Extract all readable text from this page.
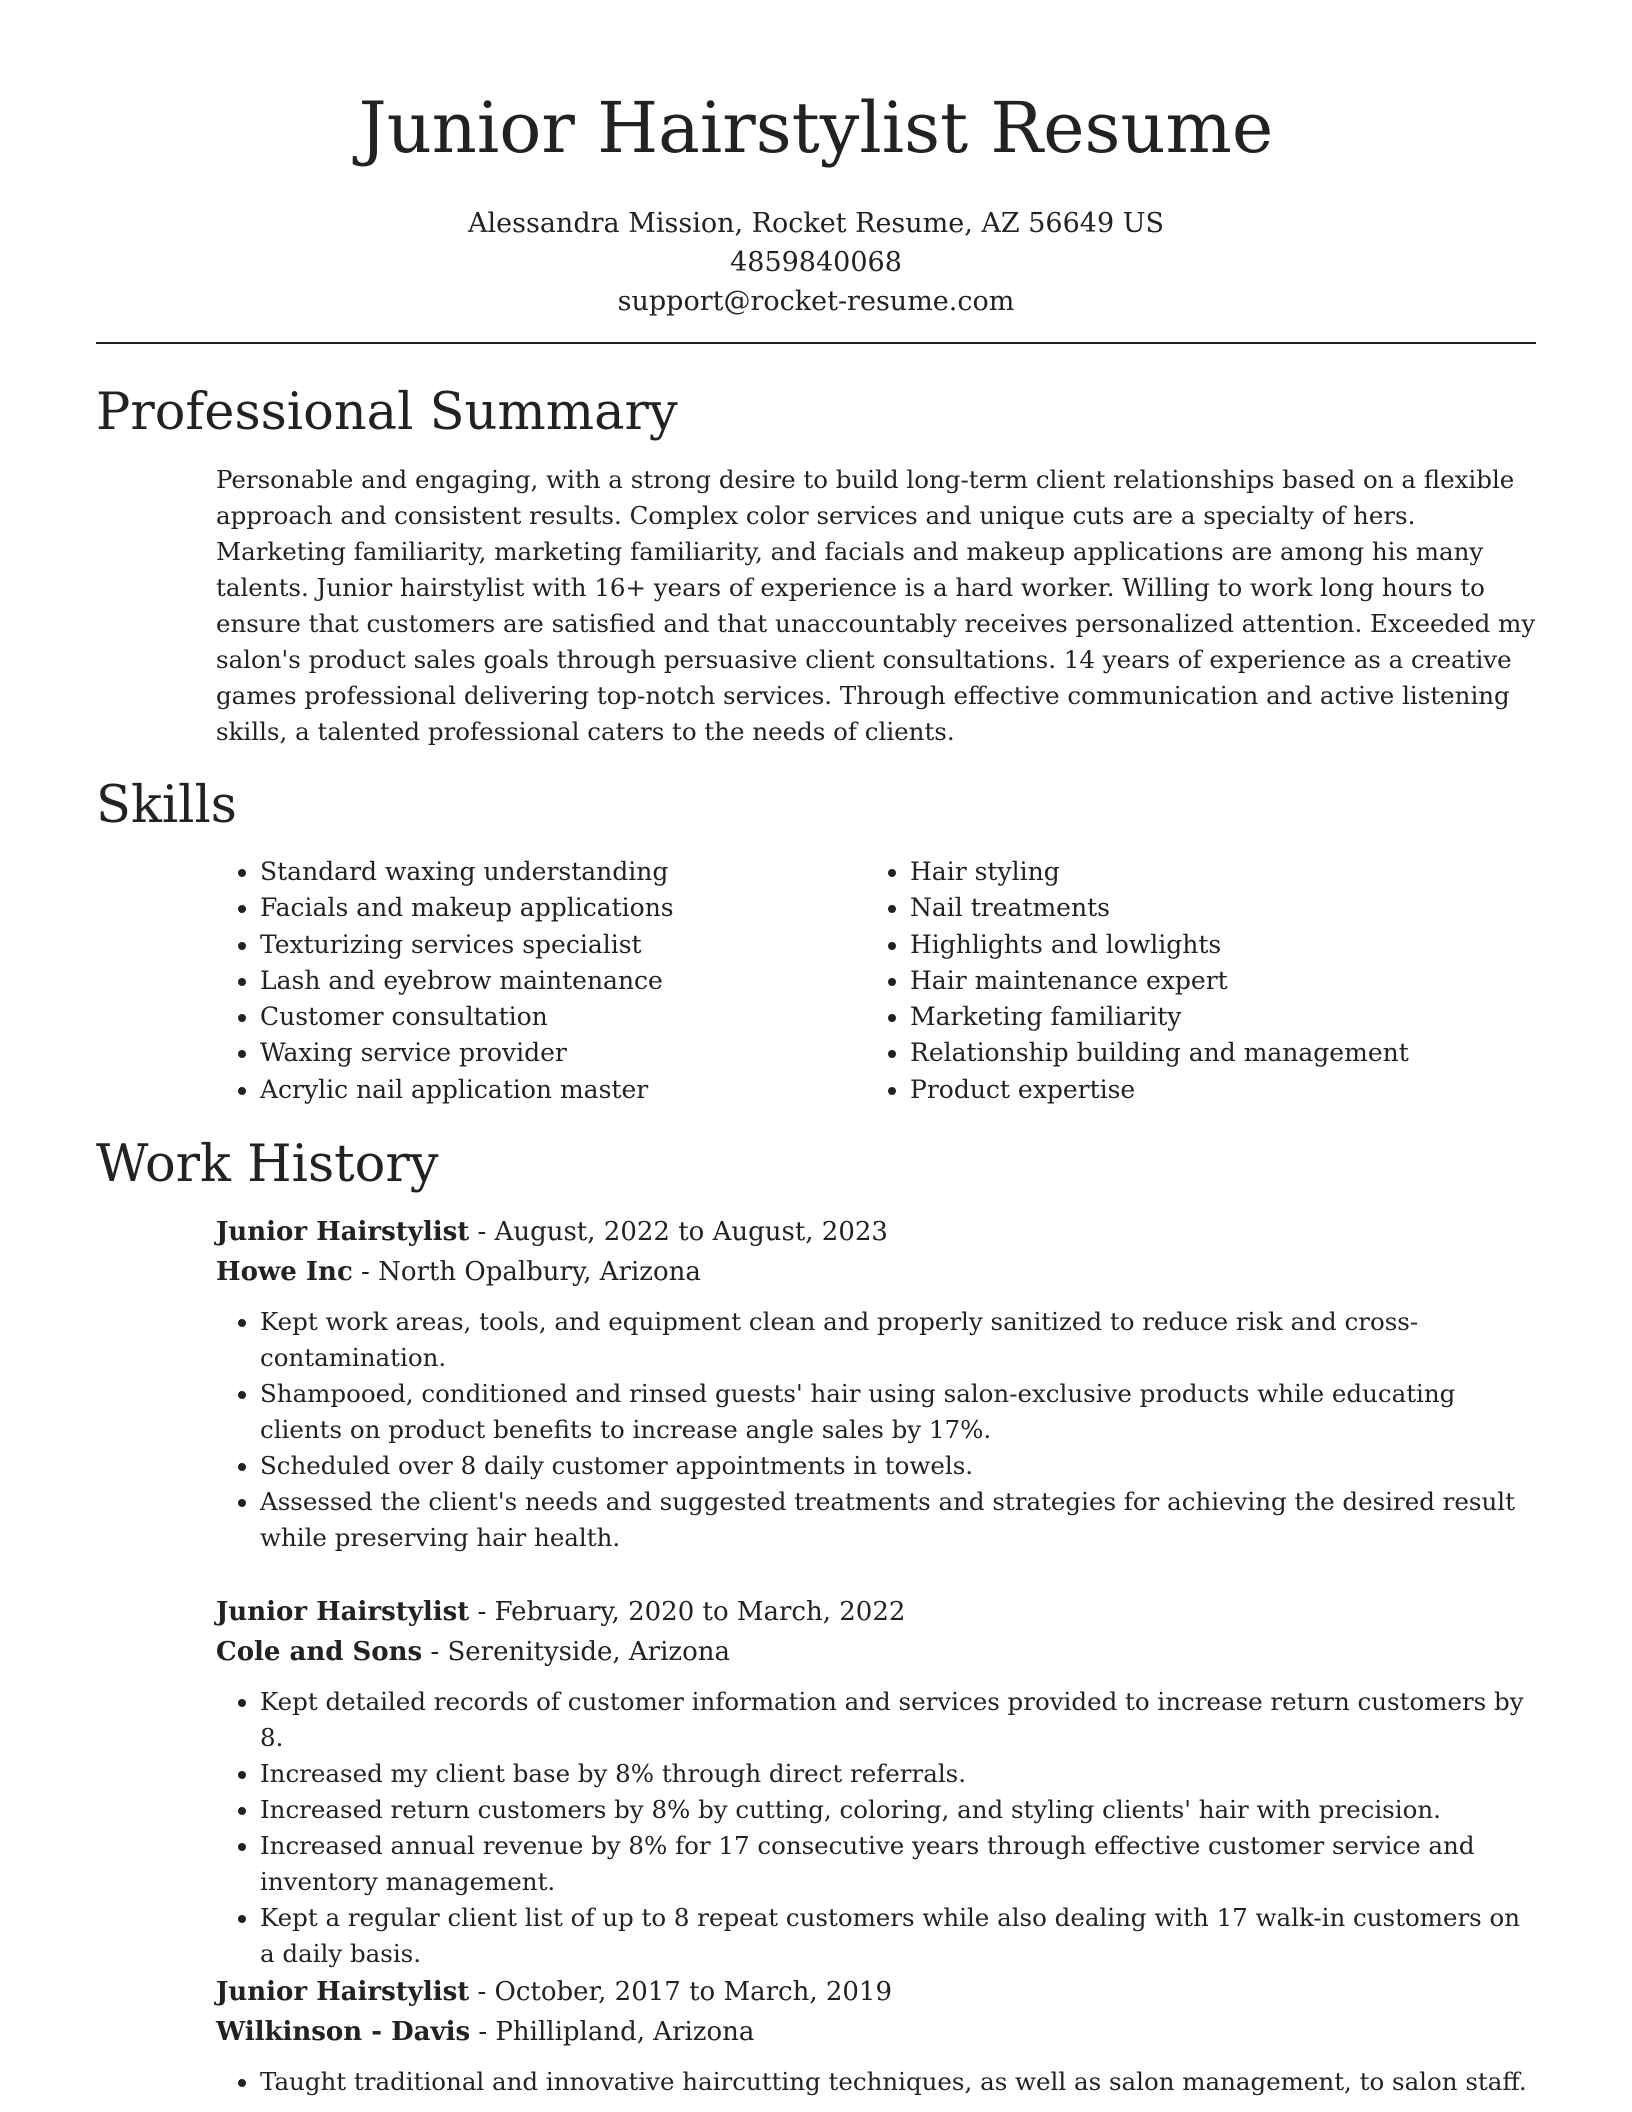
Junior Hairstylist Resume
Alessandra Mission, Rocket Resume, AZ 56649 US
4859840068
support@rocket-resume.com
Professional Summary

Personable and engaging, with a strong desire to build long-term client relationships based on a flexible approach and consistent results. Complex color services and unique cuts are a specialty of hers. Marketing familiarity, marketing familiarity, and facials and makeup applications are among his many talents. Junior hairstylist with 16+ years of experience is a hard worker. Willing to work long hours to ensure that customers are satisfied and that unaccountably receives personalized attention. Exceeded my salon's product sales goals through persuasive client consultations. 14 years of experience as a creative games professional delivering top-notch services. Through effective communication and active listening skills, a talented professional caters to the needs of clients.

Skills
• Standard waxing understanding
• Facials and makeup applications
• Texturizing services specialist
• Lash and eyebrow maintenance
• Customer consultation
• Waxing service provider
• Acrylic nail application master
• Hair styling
• Nail treatments
• Highlights and lowlights
• Hair maintenance expert
• Marketing familiarity
• Relationship building and management
• Product expertise
Work History
Junior Hairstylist - August, 2022 to August, 2023
Howe Inc - North Opalbury, Arizona
• Kept work areas, tools, and equipment clean and properly sanitized to reduce risk and cross-contamination.
• Shampooed, conditioned and rinsed guests' hair using salon-exclusive products while educating clients on product benefits to increase angle sales by 17%.
• Scheduled over 8 daily customer appointments in towels.
• Assessed the client's needs and suggested treatments and strategies for achieving the desired result while preserving hair health.
Junior Hairstylist - February, 2020 to March, 2022
Cole and Sons - Serenityside, Arizona
• Kept detailed records of customer information and services provided to increase return customers by 8.
• Increased my client base by 8% through direct referrals.
• Increased return customers by 8% by cutting, coloring, and styling clients' hair with precision.
• Increased annual revenue by 8% for 17 consecutive years through effective customer service and inventory management.
• Kept a regular client list of up to 8 repeat customers while also dealing with 17 walk-in customers on a daily basis.
Junior Hairstylist - October, 2017 to March, 2019
Wilkinson - Davis - Phillipland, Arizona
• Taught traditional and innovative haircutting techniques, as well as salon management, to salon staff.
